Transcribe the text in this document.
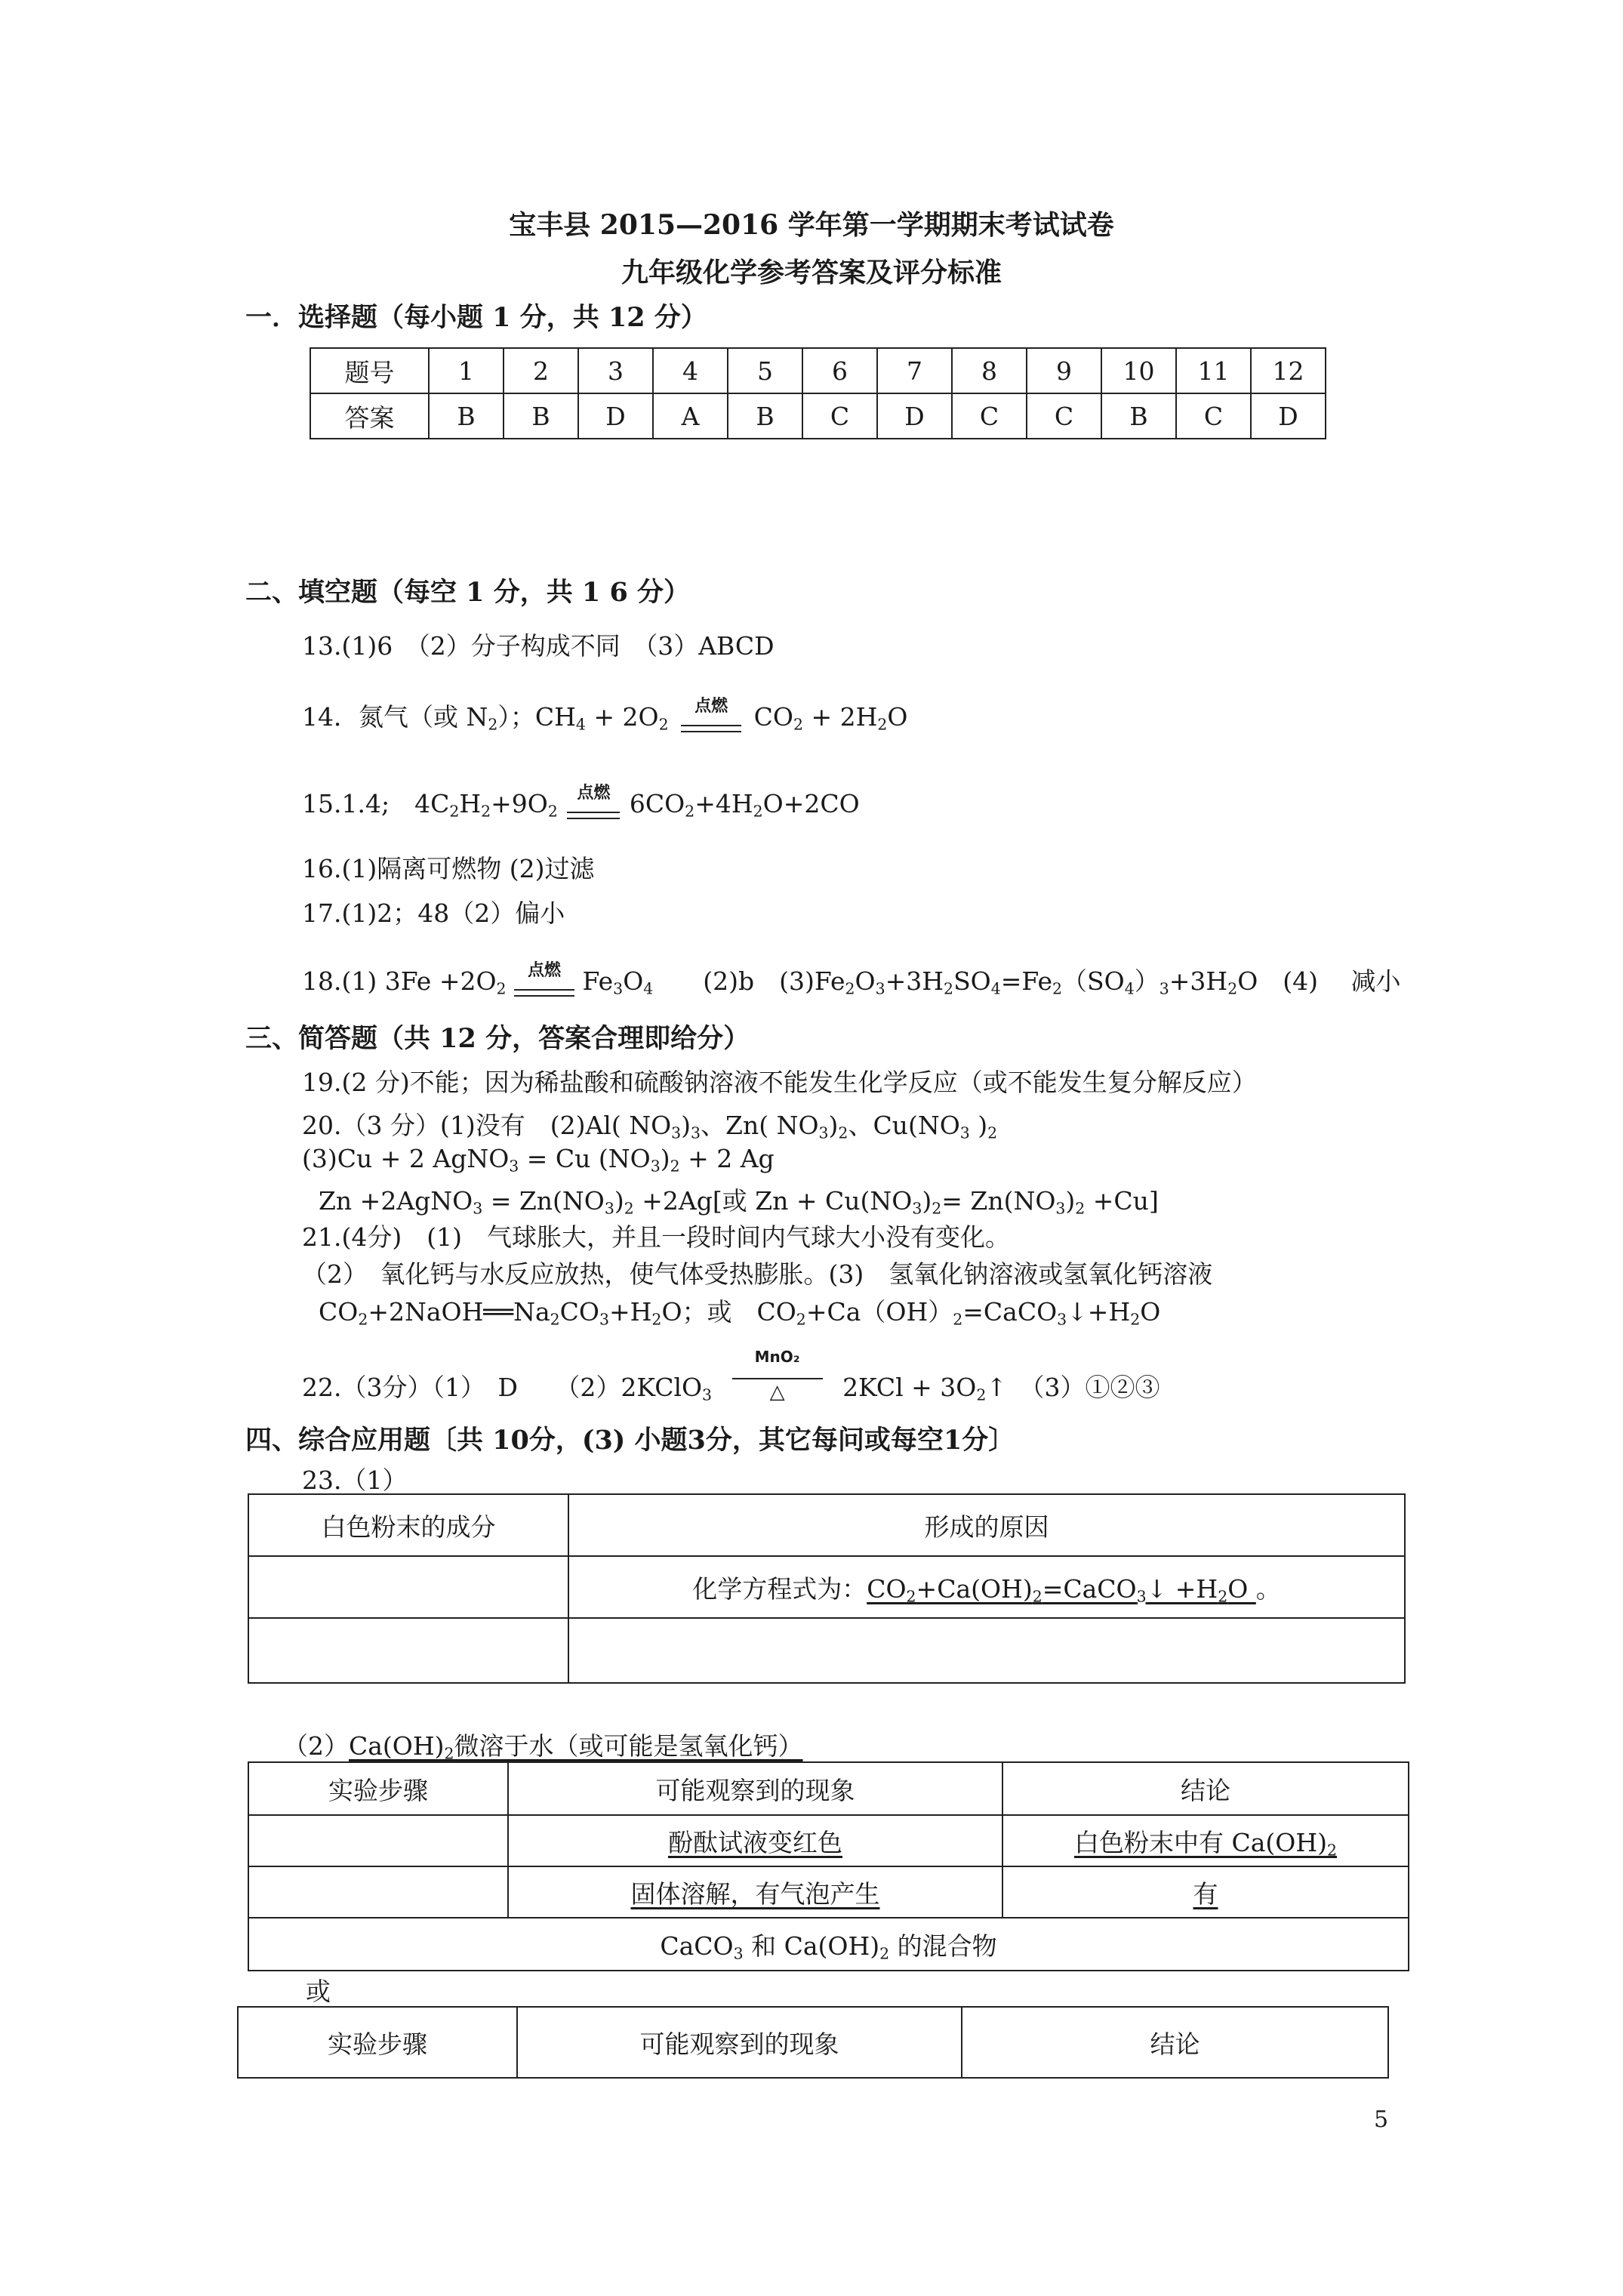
宝丰县 2015—2016 学年第一学期期末考试试卷
九年级化学参考答案及评分标准
一．选择题（每小题 1 分，共 12 分）
题号	1	2	3	4	5	6	7	8	9	10	11	12
答案	B	B	D	A	B	C	D	C	C	B	C	D
二、填空题（每空 1 分，共 1 6 分）
13.(1)6　（2）分子构成不同　（3）ABCD
14．氮气（或 $N_2$）；$CH_4 + 2O_2$
点燃	$CO_2 + 2H_2O$
15.1.4;　$4C_2H_2+9O_2$
点燃 $6CO_2+4H_2O+2CO$
16.(1)隔离可燃物 (2)过滤
17.(1)2；48（2）偏小
18.(1) $3Fe +2O_2$
点燃 $Fe_3O_4$　　(2)b　$(3)Fe_2O_3+3H_2SO_4=Fe_2(SO_4)_3+3H_2O$　(4)　 减小
三、简答题（共 12 分，答案合理即给分）
19.(2 分)不能；因为稀盐酸和硫酸钠溶液不能发生化学反应（或不能发生复分解反应）
20.（3 分）(1)没有　(2)Al( $NO_3)_3$、Zn( $NO_3)_2$、$Cu(NO_3$ )$_2$
(3)Cu + 2 AgNO$_3$ = Cu $(NO_3)_2 + 2$ Ag
Zn +2AgNO$_3$ = $Zn(NO_3)_2 +2Ag$[或 $Zn + Cu(NO_3)_2= Zn(NO_3)_2 +Cu$]
21.(4分)　(1)　气球胀大，并且一段时间内气球大小没有变化。
（2）　氧化钙与水反应放热，使气体受热膨胀。(3)　氢氧化钠溶液或氢氧化钙溶液
$CO_2+2NaOH══Na_2CO_3+H_2O$；或　$CO_2+Ca(OH)_2=CaCO_3↓+H_2O$
22.（3分）（1）　D　　（2）2KClO$_3$
MnO₂
△	$2KCl + 3O_2↑$　（3）①②③
四、综合应用题〔共 10分，(3) 小题3分，其它每问或每空1分〕
23.（1）
白色粉末的成分	形成的原因
	化学方程式为：$CO_2+Ca(OH)_2=CaCO_3↓ +H_2O$ 。

$(2)Ca(OH)_2$微溶于水（或可能是氢氧化钙）
实验步骤	可能观察到的现象	结论
	酚酞试液变红色	白色粉末中有 $Ca(OH)_2$
	固体溶解，有气泡产生	有
CaCO$_3$ 和 $Ca(OH)_2$ 的混合物		
或
实验步骤	可能观察到的现象	结论
5
